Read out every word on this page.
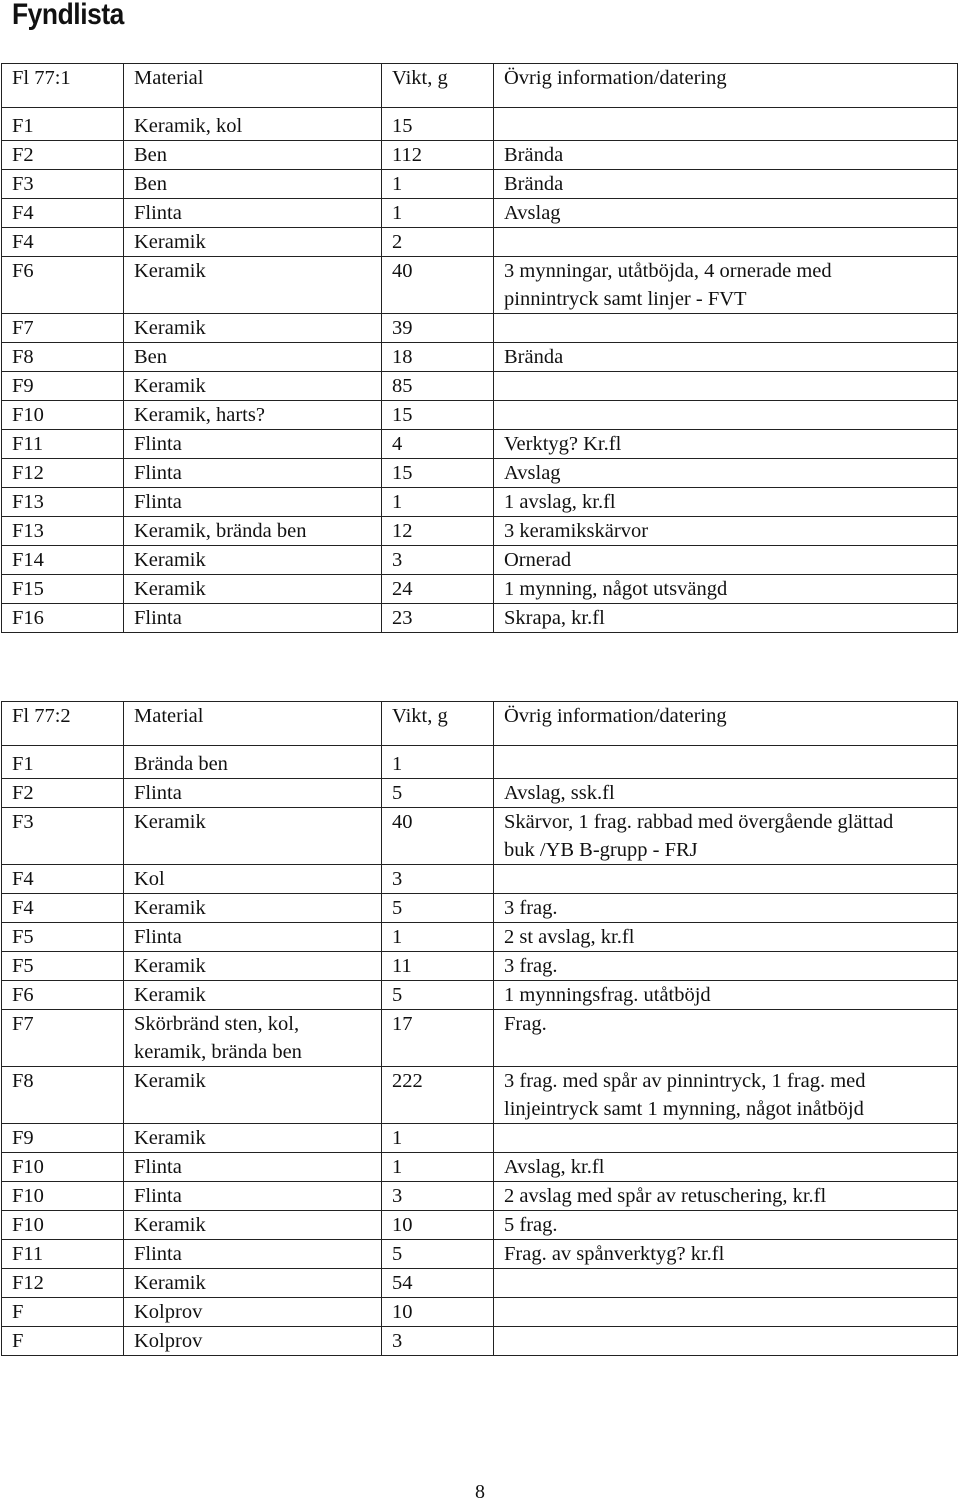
Fyndlista
Fl 77:1	Material	Vikt, g	Övrig information/datering

F1	Keramik, kol	15	
F2	Ben	112	Brända
F3	Ben	1	Brända
F4	Flinta	1	Avslag
F4	Keramik	2	
F6	Keramik	40	3 mynningar, utåtböjda, 4 ornerade med
pinnintryck samt linjer - FVT
F7	Keramik	39	
F8	Ben	18	Brända
F9	Keramik	85	
F10	Keramik, harts?	15	
F11	Flinta	4	Verktyg? Kr.fl
F12	Flinta	15	Avslag
F13	Flinta	1	1 avslag, kr.fl
F13	Keramik, brända ben	12	3 keramikskärvor
F14	Keramik	3	Ornerad
F15	Keramik	24	1 mynning, något utsvängd
F16	Flinta	23	Skrapa, kr.fl
Fl 77:2	Material	Vikt, g	Övrig information/datering

F1	Brända ben	1	
F2	Flinta	5	Avslag, ssk.fl
F3	Keramik	40	Skärvor, 1 frag. rabbad med övergående glättad
buk /YB B-grupp - FRJ
F4	Kol	3	
F4	Keramik	5	3 frag.
F5	Flinta	1	2 st avslag, kr.fl
F5	Keramik	11	3 frag.
F6	Keramik	5	1 mynningsfrag. utåtböjd
F7	Skörbränd sten, kol,
keramik, brända ben	17	Frag.
F8	Keramik	222	3 frag. med spår av pinnintryck, 1 frag. med
linjeintryck samt 1 mynning, något inåtböjd
F9	Keramik	1	
F10	Flinta	1	Avslag, kr.fl
F10	Flinta	3	2 avslag med spår av retuschering, kr.fl
F10	Keramik	10	5 frag.
F11	Flinta	5	Frag. av spånverktyg? kr.fl
F12	Keramik	54	
F	Kolprov	10	
F	Kolprov	3	
8
